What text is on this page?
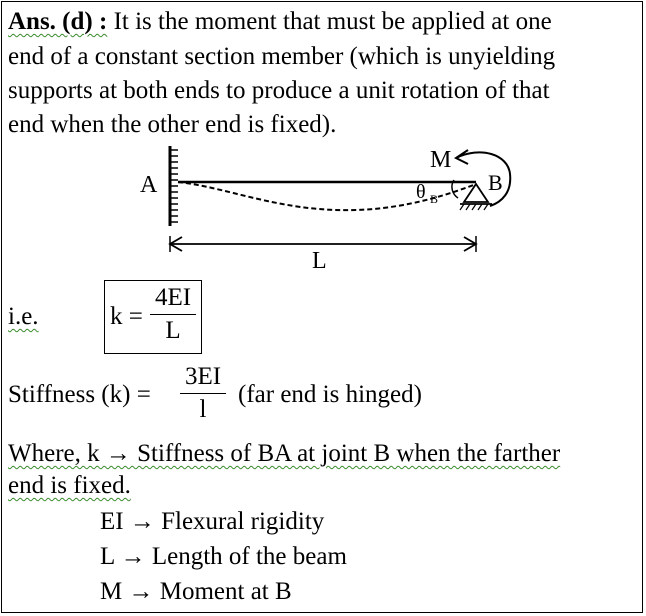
Ans. (d) : It is the moment that must be applied at one
end of a constant section member (which is unyielding
supports at both ends to produce a unit rotation of that
end when the other end is fixed).
A	θ B
M
B
L
i.e.	k =
4EI
L
Stiffness (k) =
3EI
l
(far end is hinged)
Where, k → Stiffness of BA at joint B when the farther
end is fixed.
EI → Flexural rigidity
L → Length of the beam
M → Moment at B
